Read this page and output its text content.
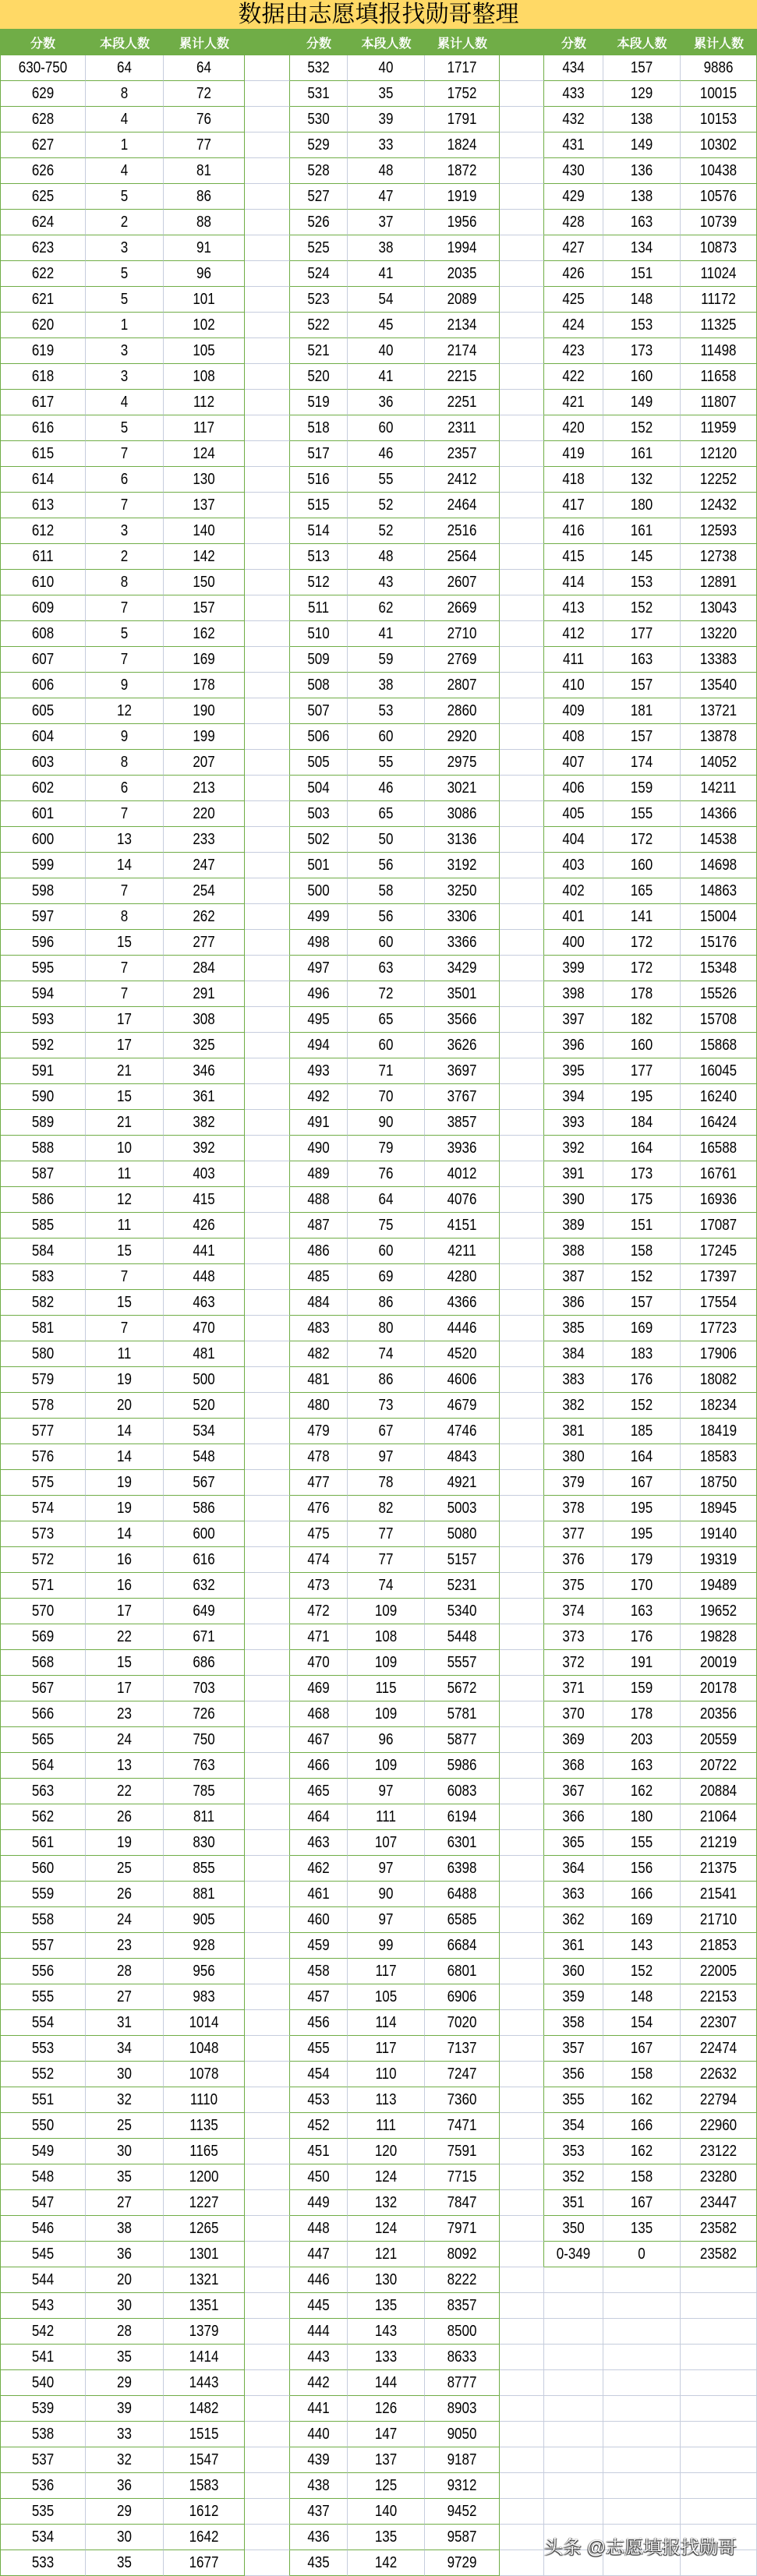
数据由志愿填报找勋哥整理
分数	本段人数	累计人数	分数	本段人数	累计人数	分数	本段人数	累计人数
630-750	64	64	532	40	1717	434	157	9886
629	8	72	531	35	1752	433	129	10015
628	4	76	530	39	1791	432	138	10153
627	1	77	529	33	1824	431	149	10302
626	4	81	528	48	1872	430	136	10438
625	5	86	527	47	1919	429	138	10576
624	2	88	526	37	1956	428	163	10739
623	3	91	525	38	1994	427	134	10873
622	5	96	524	41	2035	426	151	11024
621	5	101	523	54	2089	425	148	11172
620	1	102	522	45	2134	424	153	11325
619	3	105	521	40	2174	423	173	11498
618	3	108	520	41	2215	422	160	11658
617	4	112	519	36	2251	421	149	11807
616	5	117	518	60	2311	420	152	11959
615	7	124	517	46	2357	419	161	12120
614	6	130	516	55	2412	418	132	12252
613	7	137	515	52	2464	417	180	12432
612	3	140	514	52	2516	416	161	12593
611	2	142	513	48	2564	415	145	12738
610	8	150	512	43	2607	414	153	12891
609	7	157	511	62	2669	413	152	13043
608	5	162	510	41	2710	412	177	13220
607	7	169	509	59	2769	411	163	13383
606	9	178	508	38	2807	410	157	13540
605	12	190	507	53	2860	409	181	13721
604	9	199	506	60	2920	408	157	13878
603	8	207	505	55	2975	407	174	14052
602	6	213	504	46	3021	406	159	14211
601	7	220	503	65	3086	405	155	14366
600	13	233	502	50	3136	404	172	14538
599	14	247	501	56	3192	403	160	14698
598	7	254	500	58	3250	402	165	14863
597	8	262	499	56	3306	401	141	15004
596	15	277	498	60	3366	400	172	15176
595	7	284	497	63	3429	399	172	15348
594	7	291	496	72	3501	398	178	15526
593	17	308	495	65	3566	397	182	15708
592	17	325	494	60	3626	396	160	15868
591	21	346	493	71	3697	395	177	16045
590	15	361	492	70	3767	394	195	16240
589	21	382	491	90	3857	393	184	16424
588	10	392	490	79	3936	392	164	16588
587	11	403	489	76	4012	391	173	16761
586	12	415	488	64	4076	390	175	16936
585	11	426	487	75	4151	389	151	17087
584	15	441	486	60	4211	388	158	17245
583	7	448	485	69	4280	387	152	17397
582	15	463	484	86	4366	386	157	17554
581	7	470	483	80	4446	385	169	17723
580	11	481	482	74	4520	384	183	17906
579	19	500	481	86	4606	383	176	18082
578	20	520	480	73	4679	382	152	18234
577	14	534	479	67	4746	381	185	18419
576	14	548	478	97	4843	380	164	18583
575	19	567	477	78	4921	379	167	18750
574	19	586	476	82	5003	378	195	18945
573	14	600	475	77	5080	377	195	19140
572	16	616	474	77	5157	376	179	19319
571	16	632	473	74	5231	375	170	19489
570	17	649	472	109	5340	374	163	19652
569	22	671	471	108	5448	373	176	19828
568	15	686	470	109	5557	372	191	20019
567	17	703	469	115	5672	371	159	20178
566	23	726	468	109	5781	370	178	20356
565	24	750	467	96	5877	369	203	20559
564	13	763	466	109	5986	368	163	20722
563	22	785	465	97	6083	367	162	20884
562	26	811	464	111	6194	366	180	21064
561	19	830	463	107	6301	365	155	21219
560	25	855	462	97	6398	364	156	21375
559	26	881	461	90	6488	363	166	21541
558	24	905	460	97	6585	362	169	21710
557	23	928	459	99	6684	361	143	21853
556	28	956	458	117	6801	360	152	22005
555	27	983	457	105	6906	359	148	22153
554	31	1014	456	114	7020	358	154	22307
553	34	1048	455	117	7137	357	167	22474
552	30	1078	454	110	7247	356	158	22632
551	32	1110	453	113	7360	355	162	22794
550	25	1135	452	111	7471	354	166	22960
549	30	1165	451	120	7591	353	162	23122
548	35	1200	450	124	7715	352	158	23280
547	27	1227	449	132	7847	351	167	23447
546	38	1265	448	124	7971	350	135	23582
545	36	1301	447	121	8092	0-349	0	23582
544	20	1321	446	130	8222
543	30	1351	445	135	8357
542	28	1379	444	143	8500
541	35	1414	443	133	8633
540	29	1443	442	144	8777
539	39	1482	441	126	8903
538	33	1515	440	147	9050
537	32	1547	439	137	9187
536	36	1583	438	125	9312
535	29	1612	437	140	9452
534	30	1642	436	135	9587
533	35	1677	435	142	9729
头条 @志愿填报找勋哥
